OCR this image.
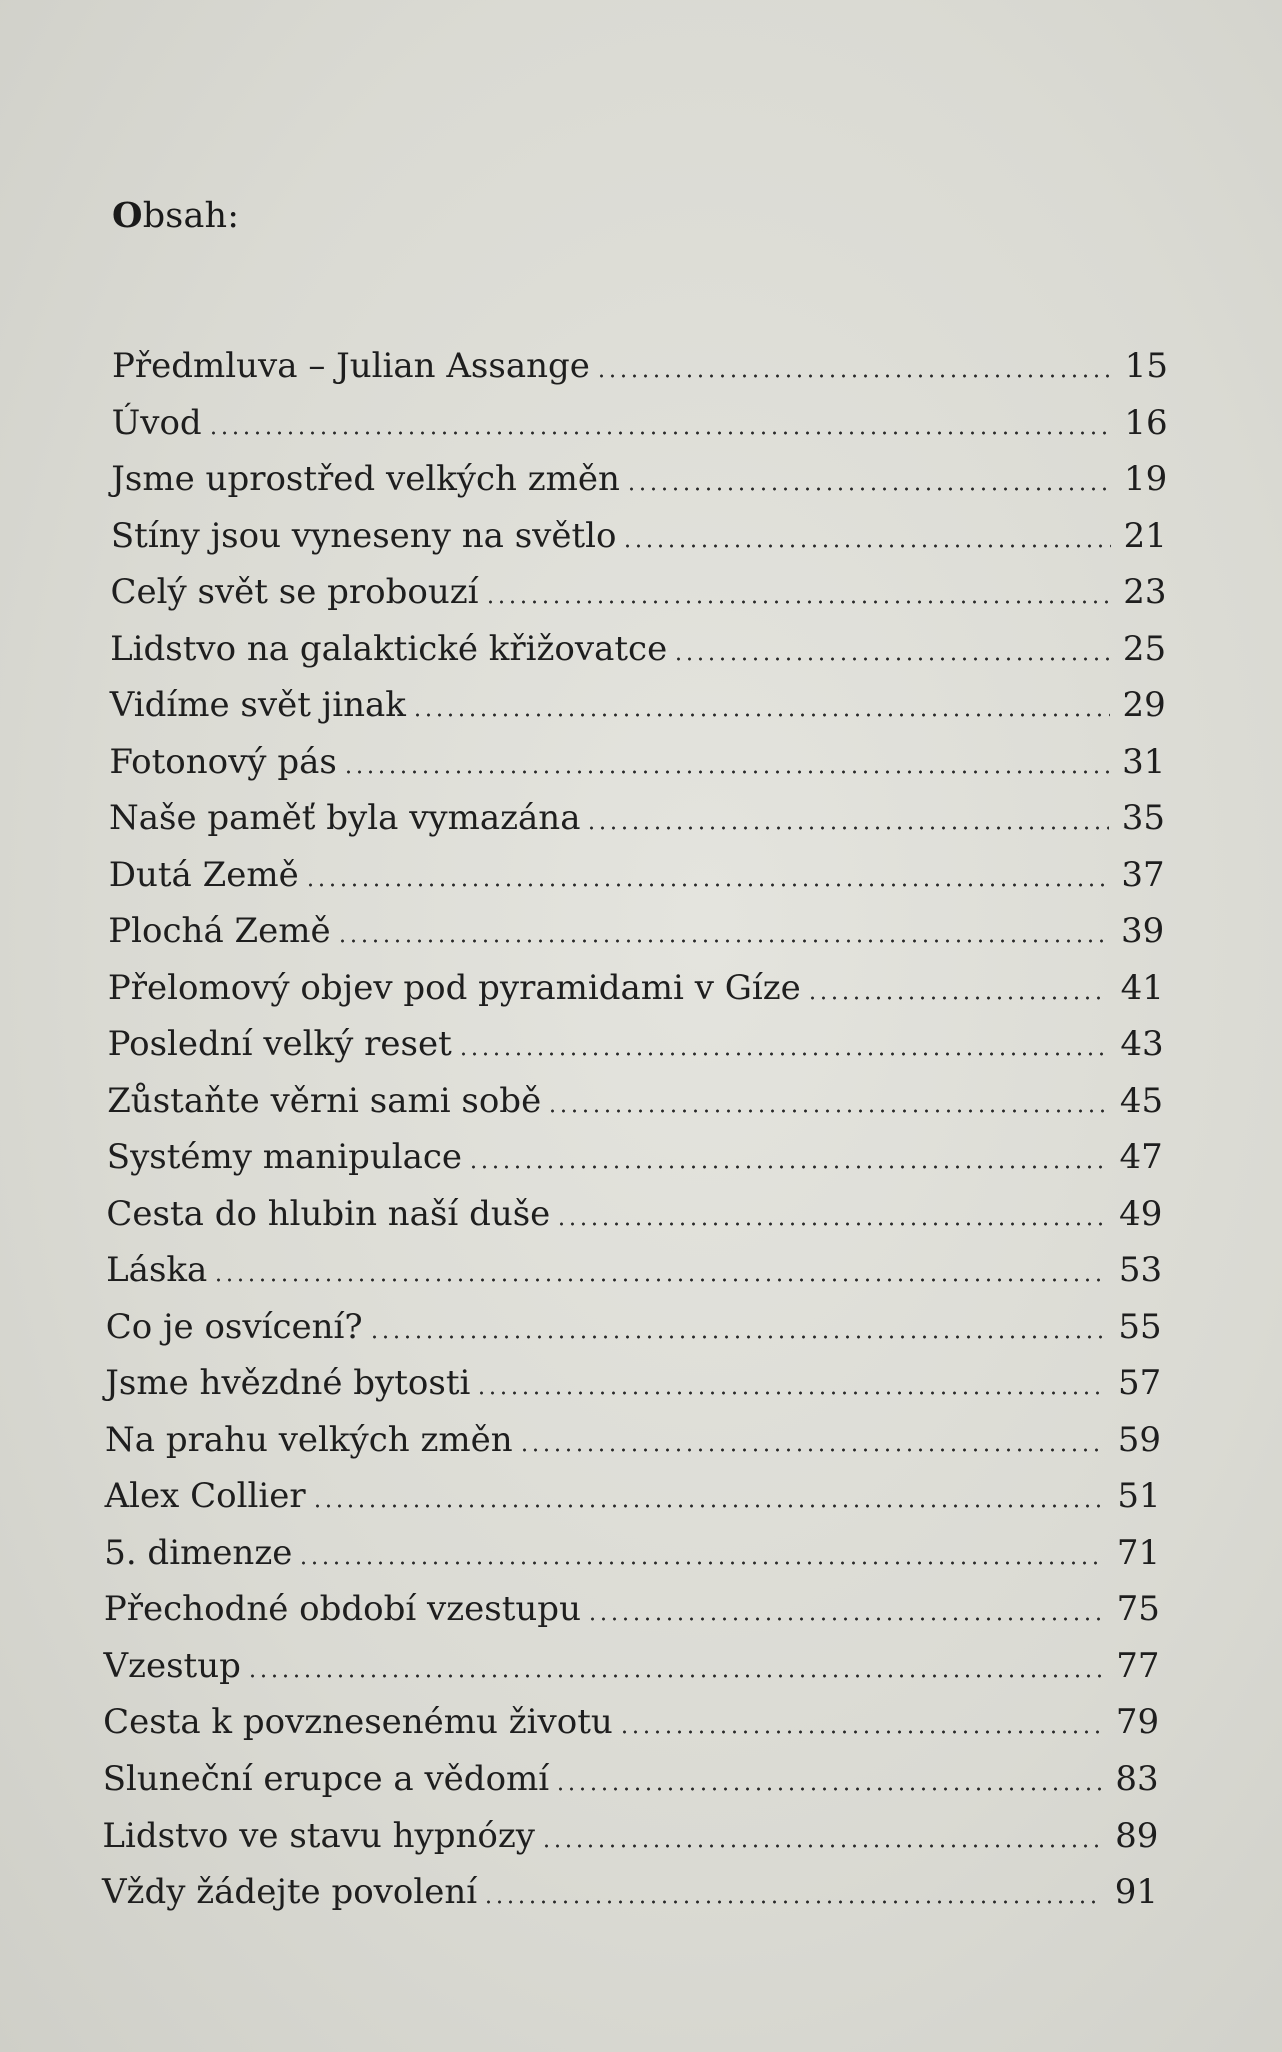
Obsah:
Předmluva – Julian Assange	15
Úvod	16
Jsme uprostřed velkých změn	19
Stíny jsou vyneseny na světlo	21
Celý svět se probouzí	23
Lidstvo na galaktické křižovatce	25
Vidíme svět jinak	29
Fotonový pás	31
Naše paměť byla vymazána	35
Dutá Země	37
Plochá Země	39
Přelomový objev pod pyramidami v Gíze	41
Poslední velký reset	43
Zůstaňte věrni sami sobě	45
Systémy manipulace	47
Cesta do hlubin naší duše	49
Láska	53
Co je osvícení?	55
Jsme hvězdné bytosti	57
Na prahu velkých změn	59
Alex Collier	51
5. dimenze	71
Přechodné období vzestupu	75
Vzestup	77
Cesta k povznesenému životu	79
Sluneční erupce a vědomí	83
Lidstvo ve stavu hypnózy	89
Vždy žádejte povolení	91
